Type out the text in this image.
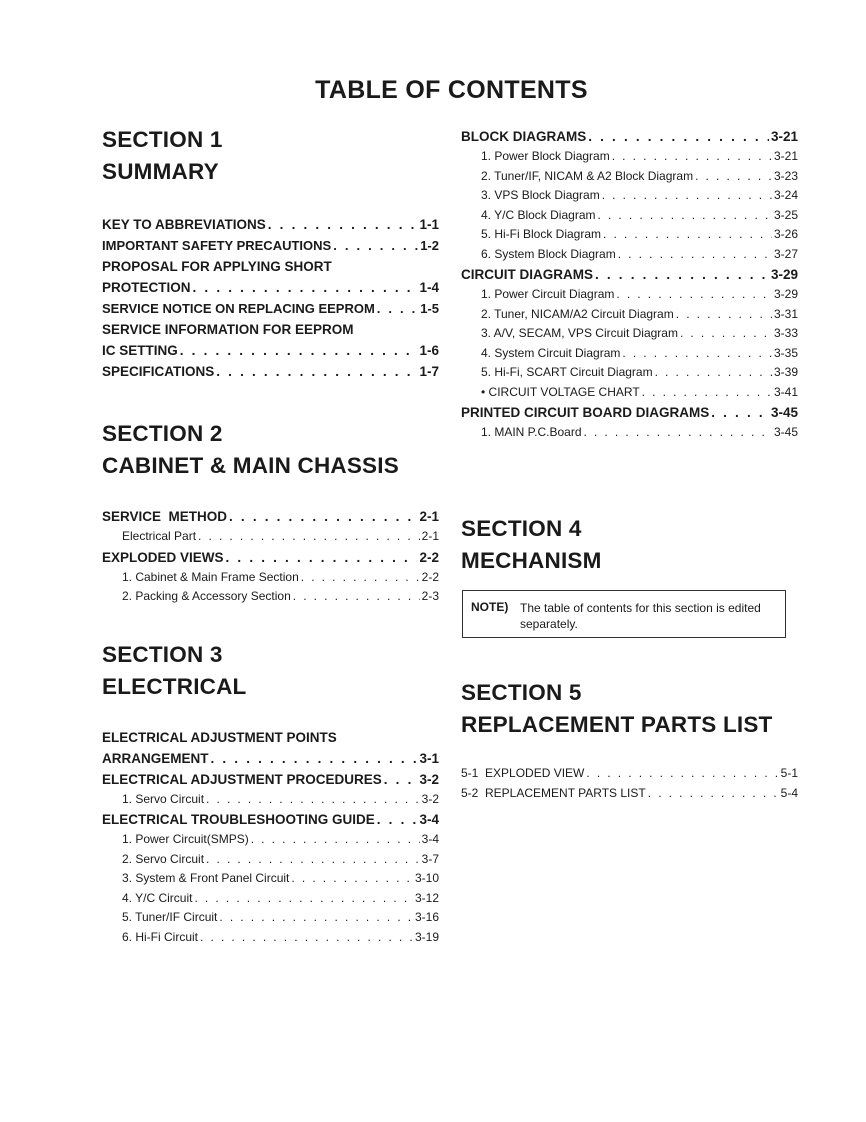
TABLE OF CONTENTS
SECTION 1
SUMMARY
KEY TO ABBREVIATIONS . . .	1-1
IMPORTANT SAFETY PRECAUTIONS . . .	1-2
PROPOSAL FOR APPLYING SHORT
PROTECTION . . .	1-4
SERVICE NOTICE ON REPLACING EEPROM . . .	1-5
SERVICE INFORMATION FOR EEPROM
IC SETTING . . .	1-6
SPECIFICATIONS . . .	1-7
SECTION 2
CABINET & MAIN CHASSIS
SERVICE  METHOD . . .	2-1
Electrical Part . . .	2-1
EXPLODED VIEWS . . .	2-2
1. Cabinet & Main Frame Section . . .	2-2
2. Packing & Accessory Section . . .	2-3
SECTION 3
ELECTRICAL
ELECTRICAL ADJUSTMENT POINTS
ARRANGEMENT . . .	3-1
ELECTRICAL ADJUSTMENT PROCEDURES . . .	3-2
1. Servo Circuit . . .	3-2
ELECTRICAL TROUBLESHOOTING GUIDE . . .	3-4
1. Power Circuit(SMPS) . . .	3-4
2. Servo Circuit . . .	3-7
3. System & Front Panel Circuit . . .	3-10
4. Y/C Circuit . . .	3-12
5. Tuner/IF Circuit . . .	3-16
6. Hi-Fi Circuit . . .	3-19
BLOCK DIAGRAMS . . .	3-21
1. Power Block Diagram . . .	3-21
2. Tuner/IF, NICAM & A2 Block Diagram . . .	3-23
3. VPS Block Diagram . . .	3-24
4. Y/C Block Diagram . . .	3-25
5. Hi-Fi Block Diagram . . .	3-26
6. System Block Diagram . . .	3-27
CIRCUIT DIAGRAMS . . .	3-29
1. Power Circuit Diagram . . .	3-29
2. Tuner, NICAM/A2 Circuit Diagram . . .	3-31
3. A/V, SECAM, VPS Circuit Diagram . . .	3-33
4. System Circuit Diagram . . .	3-35
5. Hi-Fi, SCART Circuit Diagram . . .	3-39
• CIRCUIT VOLTAGE CHART . . .	3-41
PRINTED CIRCUIT BOARD DIAGRAMS . . .	3-45
1. MAIN P.C.Board . . .	3-45
SECTION 4
MECHANISM
SECTION 5
REPLACEMENT PARTS LIST
5-1  EXPLODED VIEW . . .	5-1
5-2  REPLACEMENT PARTS LIST . . .	5-4
NOTE) The table of contents for this section is edited separately.
